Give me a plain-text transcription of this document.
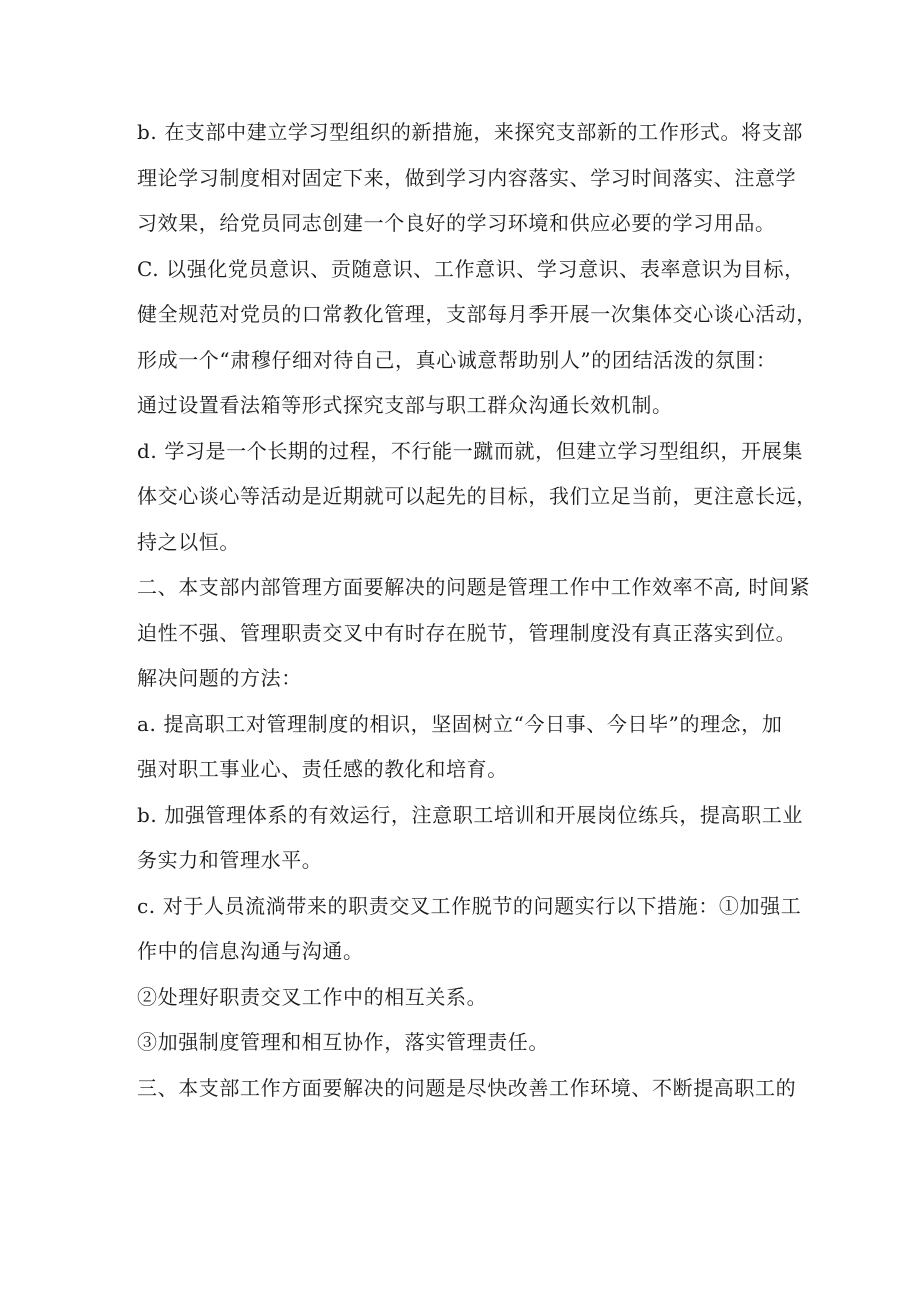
b. 在支部中建立学习型组织的新措施，来探究支部新的工作形式。将支部
理论学习制度相对固定下来，做到学习内容落实、学习时间落实、注意学
习效果，给党员同志创建一个良好的学习环境和供应必要的学习用品。

C. 以强化党员意识、贡随意识、工作意识、学习意识、表率意识为目标，
健全规范对党员的口常教化管理，支部每月季开展一次集体交心谈心活动，
形成一个“肃穆仔细对待自己，真心诚意帮助别人”的团结活泼的氛围：
通过设置看法箱等形式探究支部与职工群众沟通长效机制。

d. 学习是一个长期的过程，不行能一蹴而就，但建立学习型组织，开展集
体交心谈心等活动是近期就可以起先的目标，我们立足当前，更注意长远，
持之以恒。

二、本支部内部管理方面要解决的问题是管理工作中工作效率不高, 时间紧
迫性不强、管理职责交叉中有时存在脱节，管理制度没有真正落实到位。

解决问题的方法：

a. 提高职工对管理制度的相识，坚固树立“今日事、今日毕”的理念，加
强对职工事业心、责任感的教化和培育。

b. 加强管理体系的有效运行，注意职工培训和开展岗位练兵，提高职工业
务实力和管理水平。

c. 对于人员流淌带来的职责交叉工作脱节的问题实行以下措施：①加强工
作中的信息沟通与沟通。

②处理好职责交叉工作中的相互关系。

③加强制度管理和相互协作，落实管理责任。

三、本支部工作方面要解决的问题是尽快改善工作环境、不断提高职工的
